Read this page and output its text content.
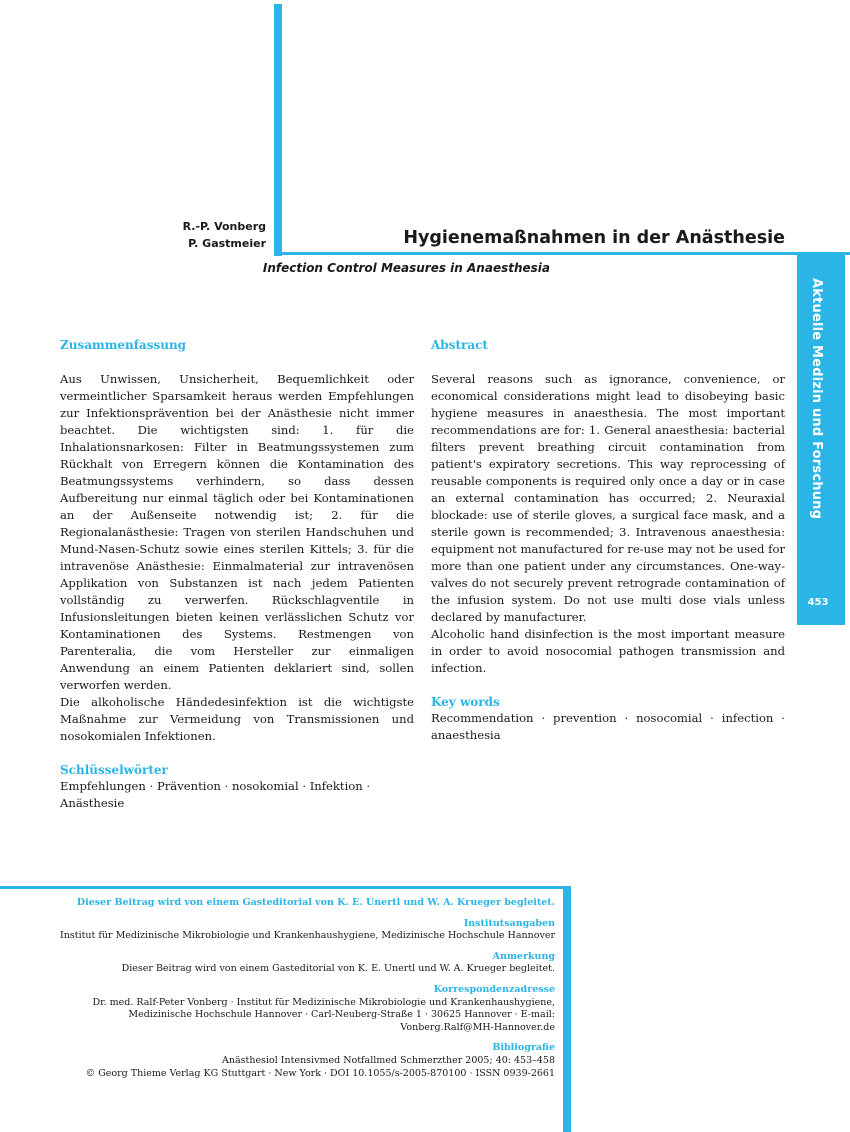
Aktuelle Medizin und Forschung
453
R.-P. Vonberg
P. Gastmeier	Hygienemaßnahmen in der Anästhesie
Infection Control Measures in Anaesthesia
Zusammenfassung

Aus Unwissen, Unsicherheit, Bequemlichkeit oder vermeintlicher Sparsamkeit heraus werden Empfehlungen zur Infektionsprävention bei der Anästhesie nicht immer beachtet. Die wichtigsten sind: 1. für die Inhalationsnarkosen: Filter in Beatmungssystemen zum Rückhalt von Erregern können die Kontamination des Beatmungssystems verhindern, so dass dessen Aufbereitung nur einmal täglich oder bei Kontaminationen an der Außenseite notwendig ist; 2. für die Regionalanästhesie: Tragen von sterilen Handschuhen und Mund-Nasen-Schutz sowie eines sterilen Kittels; 3. für die intravenöse Anästhesie: Einmalmaterial zur intravenösen Applikation von Substanzen ist nach jedem Patienten vollständig zu verwerfen. Rückschlagventile in Infusionsleitungen bieten keinen verlässlichen Schutz vor Kontaminationen des Systems. Restmengen von Parenteralia, die vom Hersteller zur einmaligen Anwendung an einem Patienten deklariert sind, sollen verworfen werden.

Die alkoholische Händedesinfektion ist die wichtigste Maßnahme zur Vermeidung von Transmissionen und nosokomialen Infektionen.

Schlüsselwörter

Empfehlungen · Prävention · nosokomial · Infektion · Anästhesie

Abstract

Several reasons such as ignorance, convenience, or economical considerations might lead to disobeying basic hygiene measures in anaesthesia. The most important recommendations are for: 1. General anaesthesia: bacterial filters prevent breathing circuit contamination from patient's expiratory secretions. This way reprocessing of reusable components is required only once a day or in case an external contamination has occurred; 2. Neuraxial blockade: use of sterile gloves, a surgical face mask, and a sterile gown is recommended; 3. Intravenous anaesthesia: equipment not manufactured for re-use may not be used for more than one patient under any circumstances. One-way-valves do not securely prevent retrograde contamination of the infusion system. Do not use multi dose vials unless declared by manufacturer.

Alcoholic hand disinfection is the most important measure in order to avoid nosocomial pathogen transmission and infection.

Key words

Recommendation · prevention · nosocomial · infection · anaesthesia

Dieser Beitrag wird von einem Gasteditorial von K. E. Unertl und W. A. Krueger begleitet.
Institutsangaben
Institut für Medizinische Mikrobiologie und Krankenhaushygiene, Medizinische Hochschule Hannover
Anmerkung
Dieser Beitrag wird von einem Gasteditorial von K. E. Unertl und W. A. Krueger begleitet.
Korrespondenzadresse
Dr. med. Ralf-Peter Vonberg · Institut für Medizinische Mikrobiologie und Krankenhaushygiene, Medizinische Hochschule Hannover · Carl-Neuberg-Straße 1 · 30625 Hannover · E-mail: Vonberg.Ralf@MH-Hannover.de
Bibliografie
Anästhesiol Intensivmed Notfallmed Schmerzther 2005; 40: 453–458
© Georg Thieme Verlag KG Stuttgart · New York · DOI 10.1055/s-2005-870100 · ISSN 0939-2661
